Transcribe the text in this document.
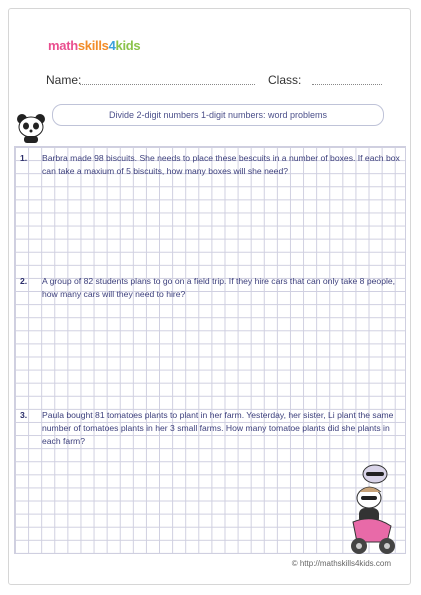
mathskills4kids
Name:	Class:
Divide 2-digit numbers 1-digit numbers: word problems
1. Barbra made 98 biscuits. She needs to place these bescuits in a number of boxes. If each box can take a maxium of 5 biscuits, how many boxes will she need?
2. A group of 82 students plans to go on a field trip. If they hire cars that can only take 8 people, how many cars will they need to hire?
3. Paula bought 81 tomatoes plants to plant in her farm. Yesterday, her sister, Li plant the same number of tomatoes plants in her 3 small farms. How many tomatoe plants did she plants in each farm?
© http://mathskills4kids.com
